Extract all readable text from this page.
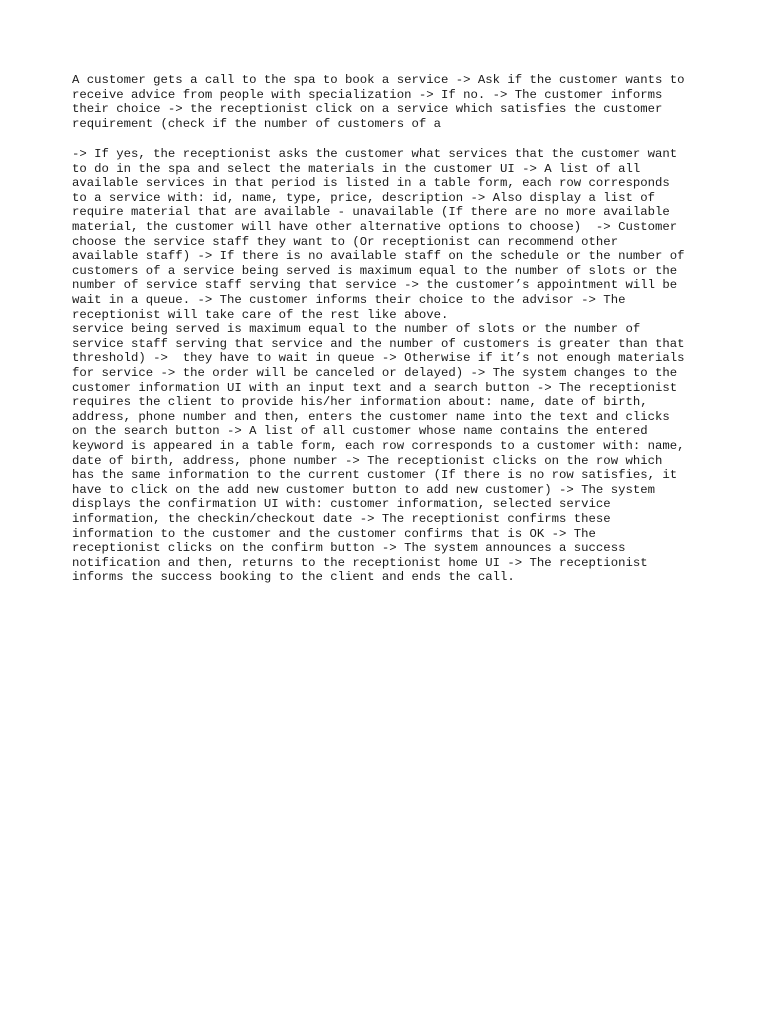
A customer gets a call to the spa to book a service -> Ask if the customer wants to
receive advice from people with specialization -> If no. -> The customer informs
their choice -> the receptionist click on a service which satisfies the customer
requirement (check if the number of customers of a
-> If yes, the receptionist asks the customer what services that the customer want
to do in the spa and select the materials in the customer UI -> A list of all
available services in that period is listed in a table form, each row corresponds
to a service with: id, name, type, price, description -> Also display a list of
require material that are available - unavailable (If there are no more available
material, the customer will have other alternative options to choose)  -> Customer
choose the service staff they want to (Or receptionist can recommend other
available staff) -> If there is no available staff on the schedule or the number of
customers of a service being served is maximum equal to the number of slots or the
number of service staff serving that service -> the customer’s appointment will be
wait in a queue. -> The customer informs their choice to the advisor -> The
receptionist will take care of the rest like above.
service being served is maximum equal to the number of slots or the number of
service staff serving that service and the number of customers is greater than that
threshold) ->  they have to wait in queue -> Otherwise if it’s not enough materials
for service -> the order will be canceled or delayed) -> The system changes to the
customer information UI with an input text and a search button -> The receptionist
requires the client to provide his/her information about: name, date of birth,
address, phone number and then, enters the customer name into the text and clicks
on the search button -> A list of all customer whose name contains the entered
keyword is appeared in a table form, each row corresponds to a customer with: name,
date of birth, address, phone number -> The receptionist clicks on the row which
has the same information to the current customer (If there is no row satisfies, it
have to click on the add new customer button to add new customer) -> The system
displays the confirmation UI with: customer information, selected service
information, the checkin/checkout date -> The receptionist confirms these
information to the customer and the customer confirms that is OK -> The
receptionist clicks on the confirm button -> The system announces a success
notification and then, returns to the receptionist home UI -> The receptionist
informs the success booking to the client and ends the call.
